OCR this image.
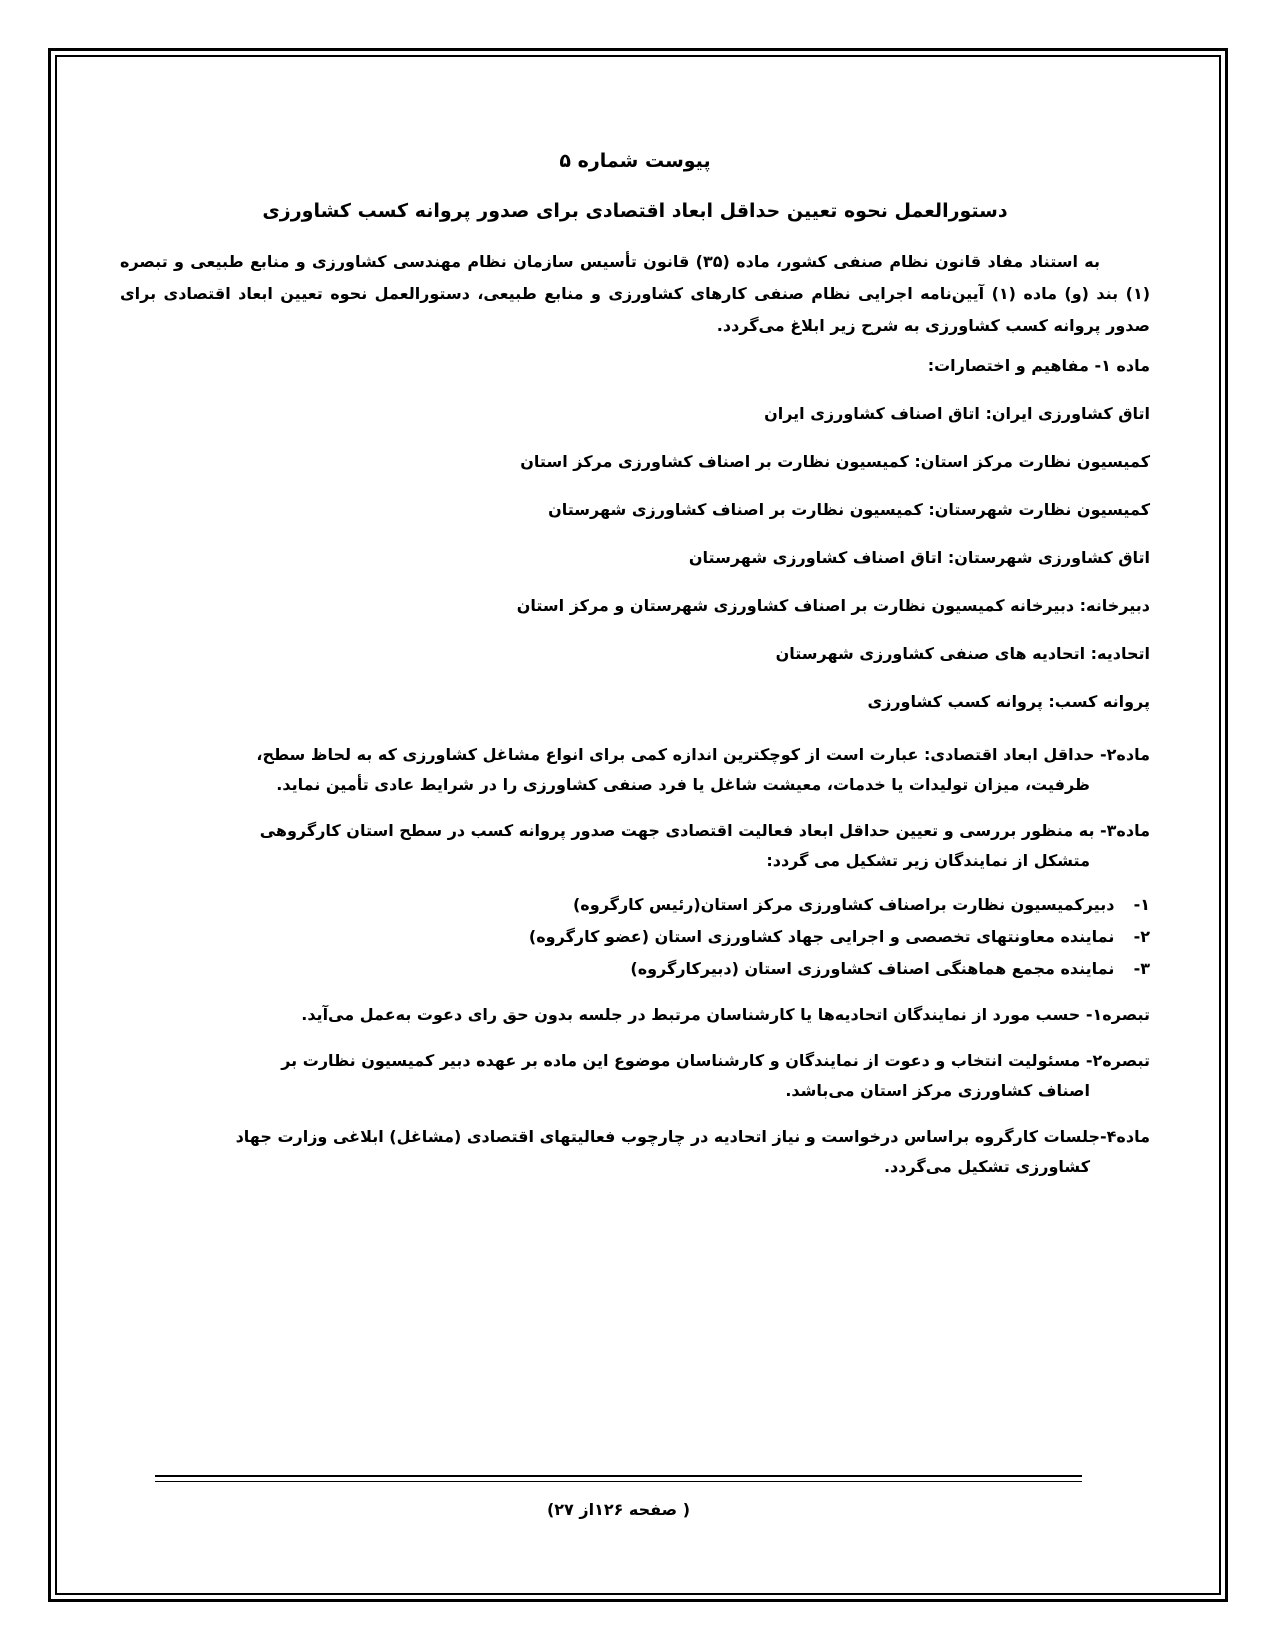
پیوست شماره ۵
دستورالعمل نحوه تعیین حداقل ابعاد اقتصادی برای صدور پروانه کسب کشاورزی

به استناد مفاد قانون نظام صنفی کشور، ماده (۳۵) قانون تأسیس سازمان نظام مهندسی کشاورزی و منابع طبیعی و تبصره (۱) بند (و) ماده (۱) آیین‌نامه اجرایی نظام صنفی کارهای کشاورزی و منابع طبیعی، دستورالعمل نحوه تعیین ابعاد اقتصادی برای صدور پروانه کسب کشاورزی به شرح زیر ابلاغ می‌گردد.

ماده ۱- مفاهیم و اختصارات:
اتاق کشاورزی ایران: اتاق اصناف کشاورزی ایران
کمیسیون نظارت مرکز استان: کمیسیون نظارت بر اصناف کشاورزی مرکز استان
کمیسیون نظارت شهرستان: کمیسیون نظارت بر اصناف کشاورزی شهرستان
اتاق کشاورزی شهرستان: اتاق اصناف کشاورزی شهرستان
دبیرخانه: دبیرخانه کمیسیون نظارت بر اصناف کشاورزی شهرستان و مرکز استان
اتحادیه: اتحادیه های صنفی کشاورزی شهرستان
پروانه کسب: پروانه کسب کشاورزی
ماده۲- حداقل ابعاد اقتصادی: عبارت است از کوچکترین اندازه کمی برای انواع مشاغل کشاورزی که به لحاظ سطح،
ظرفیت، میزان تولیدات یا خدمات، معیشت شاغل یا فرد صنفی کشاورزی را در شرایط عادی تأمین نماید.
ماده۳- به منظور بررسی و تعیین حداقل ابعاد فعالیت اقتصادی جهت صدور پروانه کسب در سطح استان کارگروهی
متشکل از نمایندگان زیر تشکیل می گردد:
۱- دبیرکمیسیون نظارت براصناف کشاورزی مرکز استان(رئیس کارگروه)
۲- نماینده معاونتهای تخصصی و اجرایی جهاد کشاورزی استان (عضو کارگروه)
۳- نماینده مجمع هماهنگی اصناف کشاورزی استان (دبیرکارگروه)
تبصره۱- حسب مورد از نمایندگان اتحادیه‌ها یا کارشناسان مرتبط در جلسه بدون حق رای دعوت به‌عمل می‌آید.
تبصره۲- مسئولیت انتخاب و دعوت از نمایندگان و کارشناسان موضوع این ماده بر عهده دبیر کمیسیون نظارت بر
اصناف کشاورزی مرکز استان می‌باشد.
ماده۴-جلسات کارگروه براساس درخواست و نیاز اتحادیه در چارچوب فعالیتهای اقتصادی (مشاغل) ابلاغی وزارت جهاد
کشاورزی تشکیل می‌گردد.
( صفحه ۱۲۶از ۲۷)
